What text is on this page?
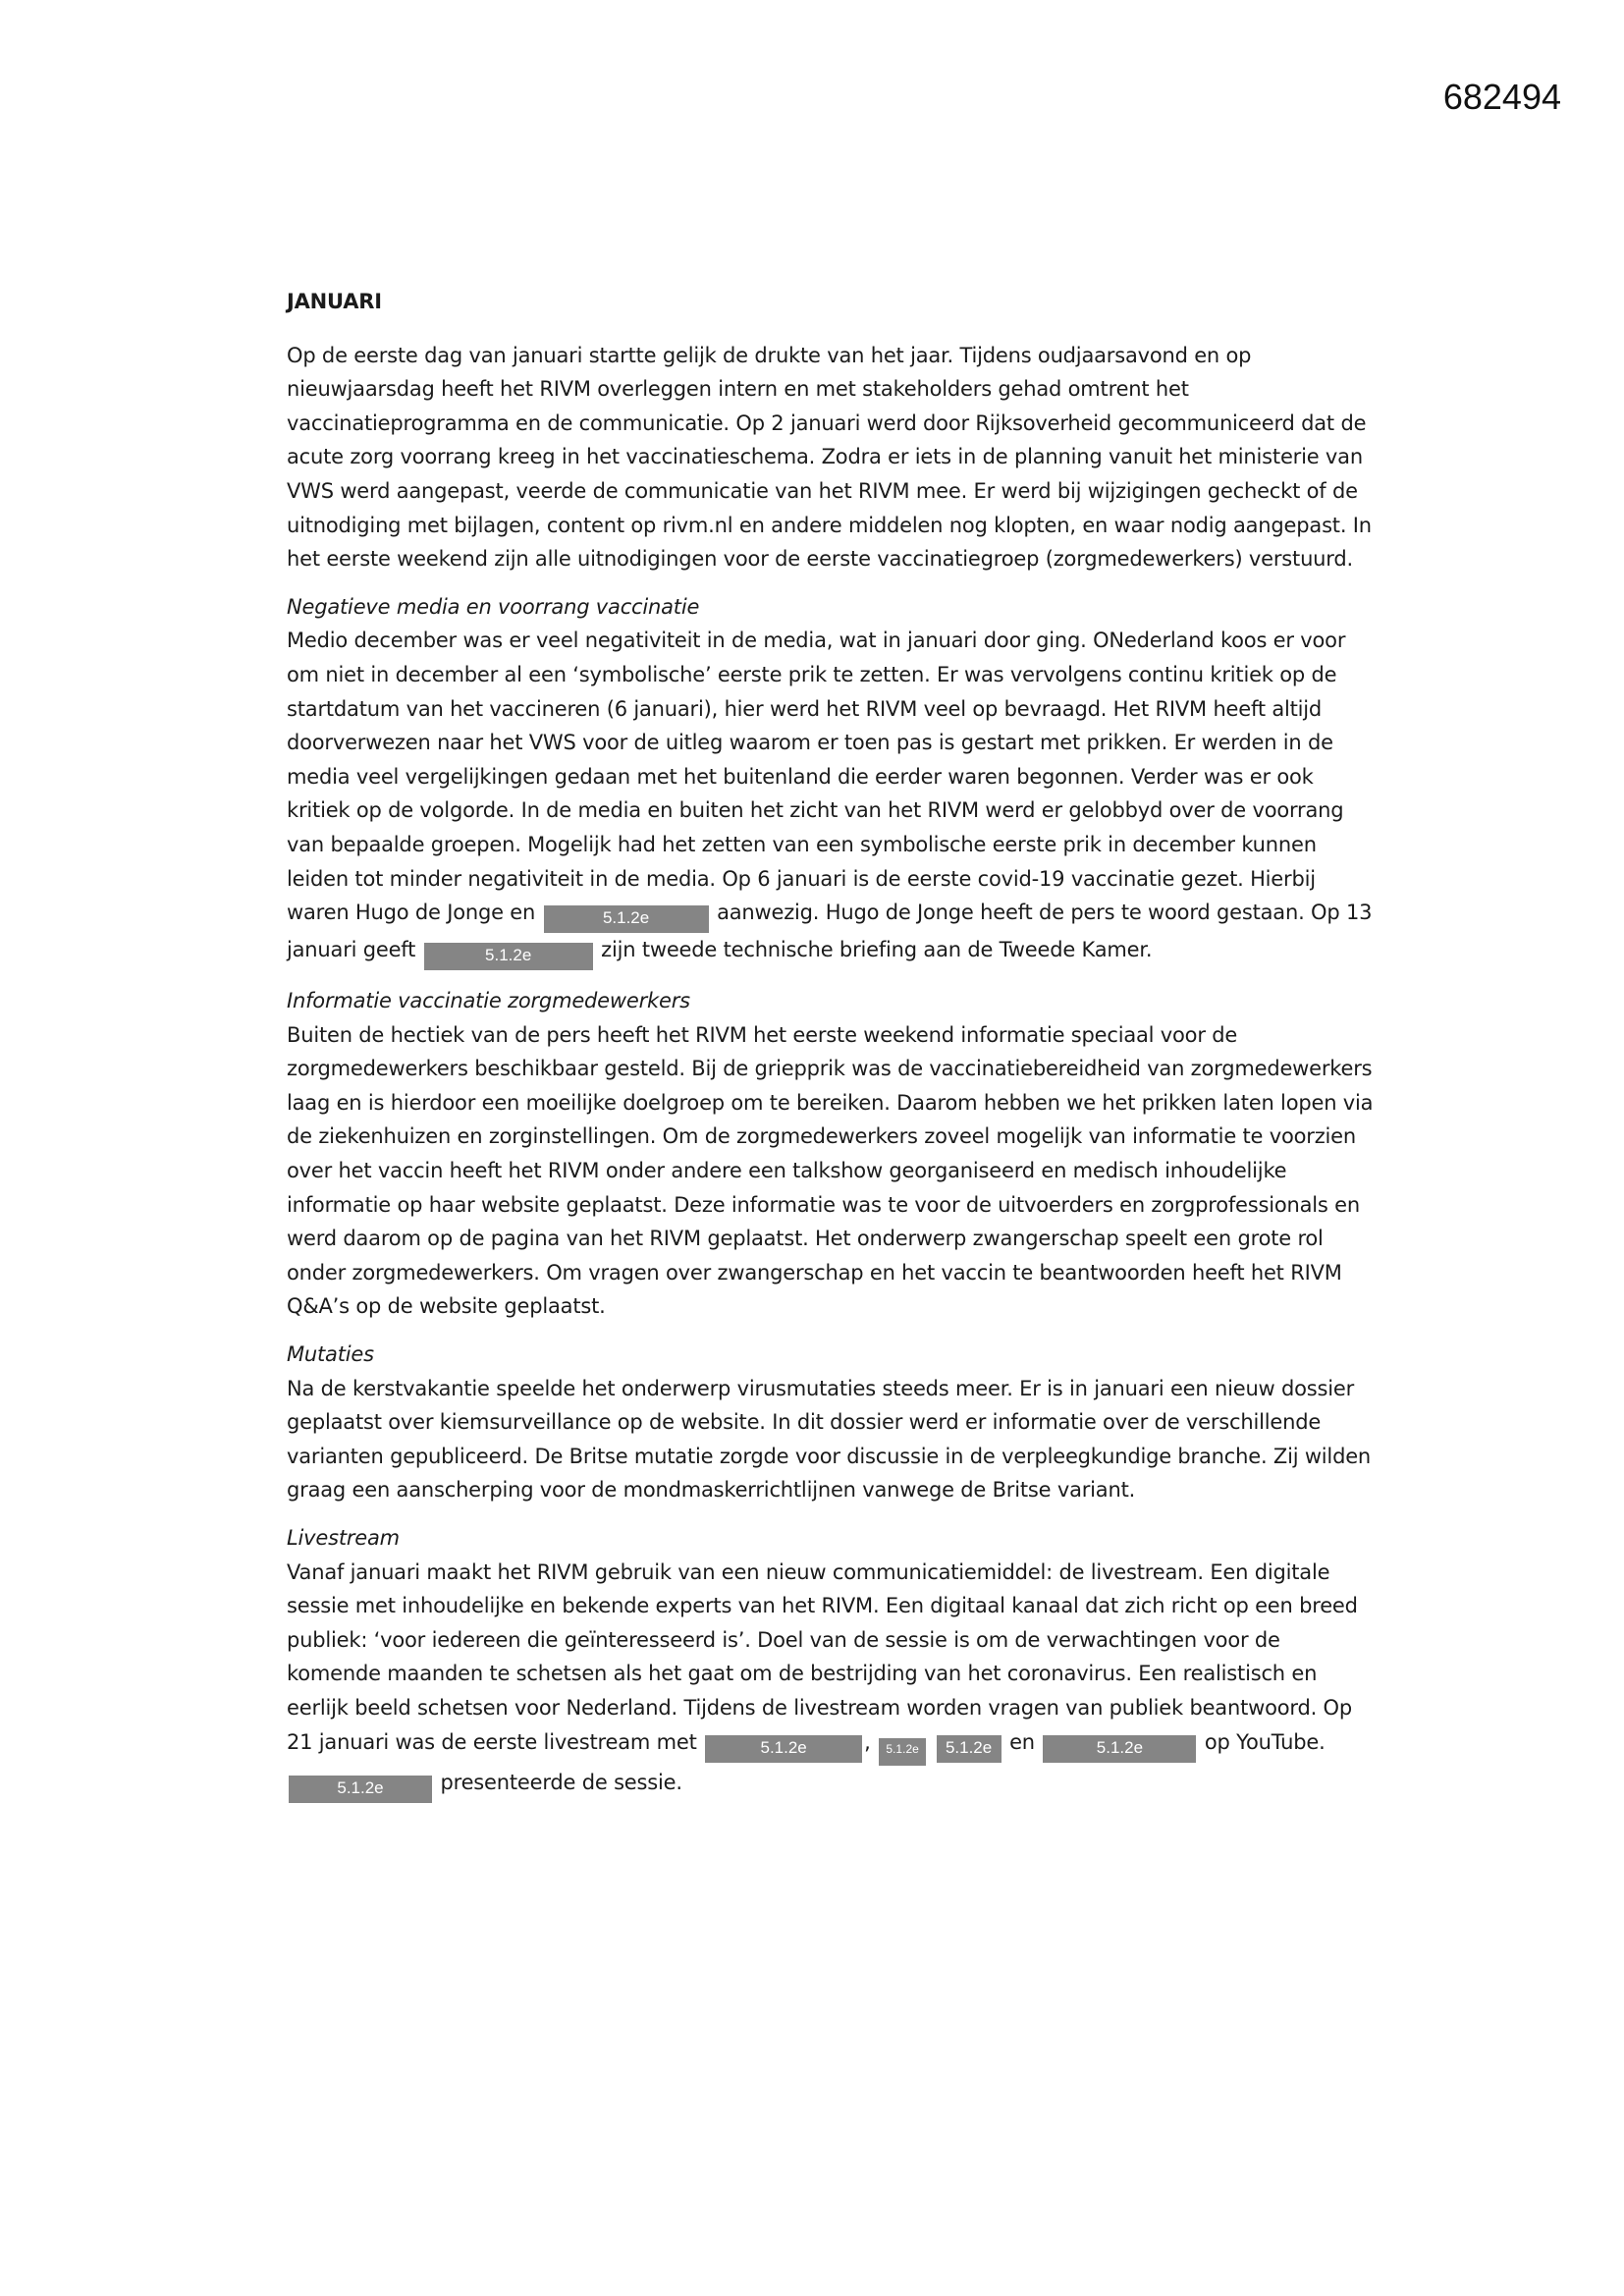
682494

JANUARI

Op de eerste dag van januari startte gelijk de drukte van het jaar. Tijdens oudjaarsavond en op nieuwjaarsdag heeft het RIVM overleggen intern en met stakeholders gehad omtrent het vaccinatieprogramma en de communicatie. Op 2 januari werd door Rijksoverheid gecommuniceerd dat de acute zorg voorrang kreeg in het vaccinatieschema. Zodra er iets in de planning vanuit het ministerie van VWS werd aangepast, veerde de communicatie van het RIVM mee. Er werd bij wijzigingen gecheckt of de uitnodiging met bijlagen, content op rivm.nl en andere middelen nog klopten, en waar nodig aangepast. In het eerste weekend zijn alle uitnodigingen voor de eerste vaccinatiegroep (zorgmedewerkers) verstuurd.

Negatieve media en voorrang vaccinatie

Medio december was er veel negativiteit in de media, wat in januari door ging. ONederland koos er voor om niet in december al een ‘symbolische’ eerste prik te zetten. Er was vervolgens continu kritiek op de startdatum van het vaccineren (6 januari), hier werd het RIVM veel op bevraagd. Het RIVM heeft altijd doorverwezen naar het VWS voor de uitleg waarom er toen pas is gestart met prikken. Er werden in de media veel vergelijkingen gedaan met het buitenland die eerder waren begonnen. Verder was er ook kritiek op de volgorde. In de media en buiten het zicht van het RIVM werd er gelobbyd over de voorrang van bepaalde groepen. Mogelijk had het zetten van een symbolische eerste prik in december kunnen leiden tot minder negativiteit in de media. Op 6 januari is de eerste covid-19 vaccinatie gezet. Hierbij waren Hugo de Jonge en	5.1.2e	aanwezig. Hugo de Jonge heeft de pers te woord gestaan. Op 13 januari geeft	5.1.2e	zijn tweede technische briefing aan de Tweede Kamer.

Informatie vaccinatie zorgmedewerkers

Buiten de hectiek van de pers heeft het RIVM het eerste weekend informatie speciaal voor de zorgmedewerkers beschikbaar gesteld. Bij de griepprik was de vaccinatiebereidheid van zorgmedewerkers laag en is hierdoor een moeilijke doelgroep om te bereiken. Daarom hebben we het prikken laten lopen via de ziekenhuizen en zorginstellingen. Om de zorgmedewerkers zoveel mogelijk van informatie te voorzien over het vaccin heeft het RIVM onder andere een talkshow georganiseerd en medisch inhoudelijke informatie op haar website geplaatst. Deze informatie was te voor de uitvoerders en zorgprofessionals en werd daarom op de pagina van het RIVM geplaatst. Het onderwerp zwangerschap speelt een grote rol onder zorgmedewerkers. Om vragen over zwangerschap en het vaccin te beantwoorden heeft het RIVM Q&A’s op de website geplaatst.

Mutaties

Na de kerstvakantie speelde het onderwerp virusmutaties steeds meer. Er is in januari een nieuw dossier geplaatst over kiemsurveillance op de website. In dit dossier werd er informatie over de verschillende varianten gepubliceerd. De Britse mutatie zorgde voor discussie in de verpleegkundige branche. Zij wilden graag een aanscherping voor de mondmaskerrichtlijnen vanwege de Britse variant.

Livestream

Vanaf januari maakt het RIVM gebruik van een nieuw communicatiemiddel: de livestream. Een digitale sessie met inhoudelijke en bekende experts van het RIVM. Een digitaal kanaal dat zich richt op een breed publiek: ‘voor iedereen die geïnteresseerd is’. Doel van de sessie is om de verwachtingen voor de komende maanden te schetsen als het gaat om de bestrijding van het coronavirus. Een realistisch en eerlijk beeld schetsen voor Nederland. Tijdens de livestream worden vragen van publiek beantwoord. Op 21 januari was de eerste livestream met	5.1.2e	, 5.1.2e 5.1.2e en	5.1.2e	op YouTube. 5.1.2e	presenteerde de sessie.
